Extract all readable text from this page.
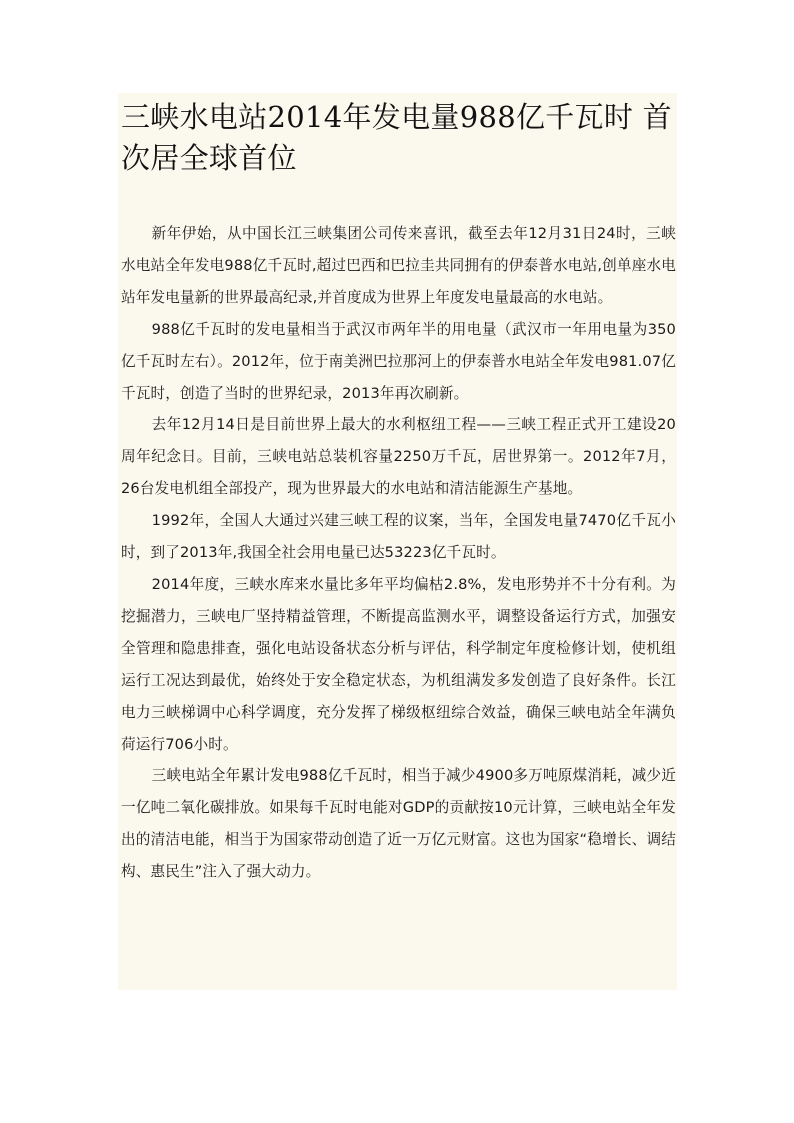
三峡水电站2014年发电量988亿千瓦时 首次居全球首位

新年伊始，从中国长江三峡集团公司传来喜讯，截至去年12月31日24时，三峡水电站全年发电988亿千瓦时,超过巴西和巴拉圭共同拥有的伊泰普水电站,创单座水电站年发电量新的世界最高纪录,并首度成为世界上年度发电量最高的水电站。

988亿千瓦时的发电量相当于武汉市两年半的用电量（武汉市一年用电量为350亿千瓦时左右）。2012年，位于南美洲巴拉那河上的伊泰普水电站全年发电981.07亿千瓦时，创造了当时的世界纪录，2013年再次刷新。

去年12月14日是目前世界上最大的水利枢纽工程——三峡工程正式开工建设20周年纪念日。目前，三峡电站总装机容量2250万千瓦，居世界第一。2012年7月，26台发电机组全部投产，现为世界最大的水电站和清洁能源生产基地。

1992年，全国人大通过兴建三峡工程的议案，当年，全国发电量7470亿千瓦小时，到了2013年,我国全社会用电量已达53223亿千瓦时。

2014年度，三峡水库来水量比多年平均偏枯2.8%，发电形势并不十分有利。为挖掘潜力，三峡电厂坚持精益管理，不断提高监测水平，调整设备运行方式，加强安全管理和隐患排查，强化电站设备状态分析与评估，科学制定年度检修计划，使机组运行工况达到最优，始终处于安全稳定状态，为机组满发多发创造了良好条件。长江电力三峡梯调中心科学调度，充分发挥了梯级枢纽综合效益，确保三峡电站全年满负荷运行706小时。

三峡电站全年累计发电988亿千瓦时，相当于减少4900多万吨原煤消耗，减少近一亿吨二氧化碳排放。如果每千瓦时电能对GDP的贡献按10元计算，三峡电站全年发出的清洁电能，相当于为国家带动创造了近一万亿元财富。这也为国家“稳增长、调结构、惠民生”注入了强大动力。
